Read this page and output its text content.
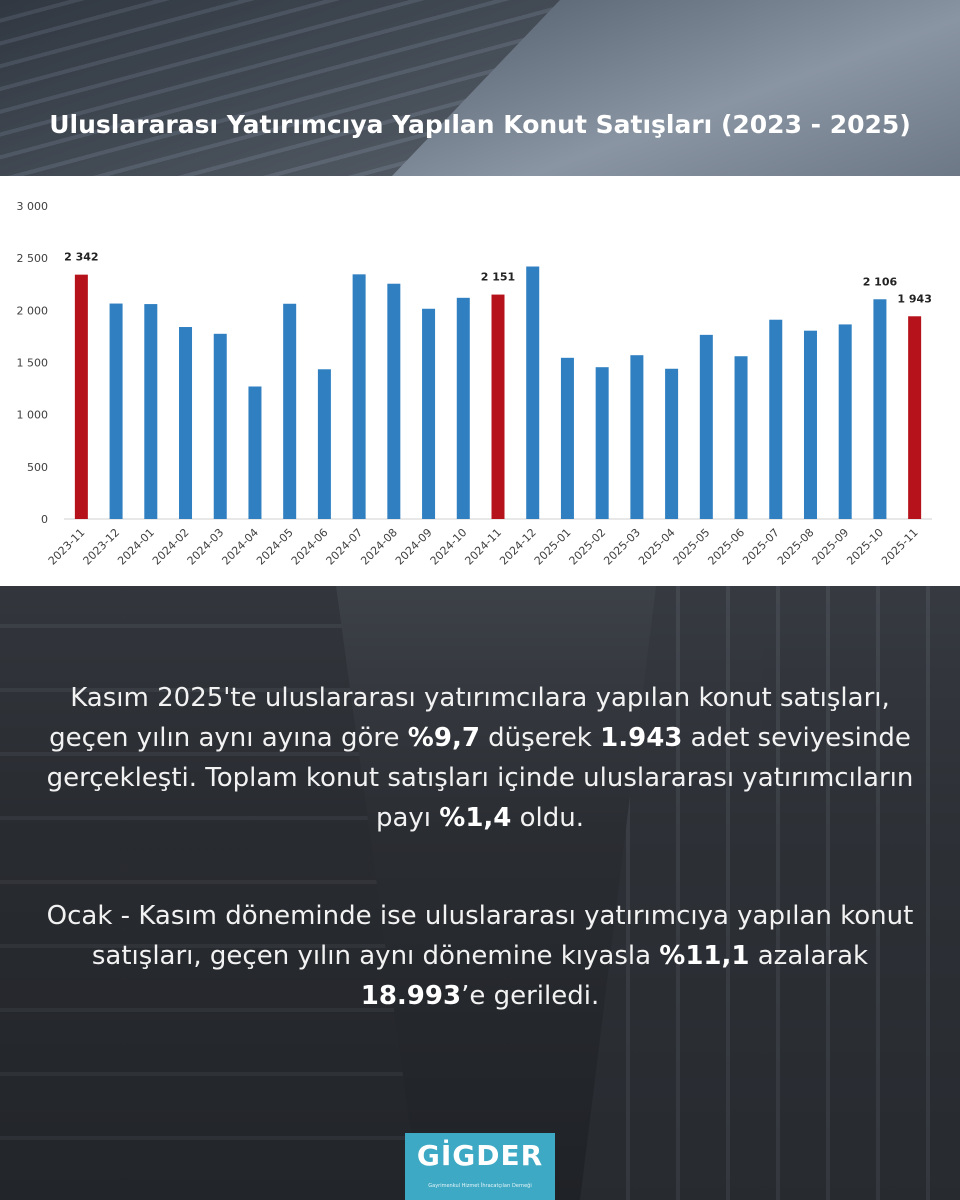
Uluslararası Yatırımcıya Yapılan Konut Satışları (2023 - 2025)
0
500
1 000
1 500
2 000
2 500
3 000
2023-11
2023-12
2024-01
2024-02
2024-03
2024-04
2024-05
2024-06
2024-07
2024-08
2024-09
2024-10
2024-11
2024-12
2025-01
2025-02
2025-03
2025-04
2025-05
2025-06
2025-07
2025-08
2025-09
2025-10
2025-11
2 342
2 151	2 106
1 943
Kasım 2025'te uluslararası yatırımcılara yapılan konut satışları, geçen yılın aynı ayına göre %9,7 düşerek 1.943 adet seviyesinde gerçekleşti. Toplam konut satışları içinde uluslararası yatırımcıların payı %1,4 oldu.
Ocak - Kasım döneminde ise uluslararası yatırımcıya yapılan konut satışları, geçen yılın aynı dönemine kıyasla %11,1 azalarak 18.993’e geriledi.
GİGDER
Gayrimenkul Hizmet İhracatçıları Derneği
